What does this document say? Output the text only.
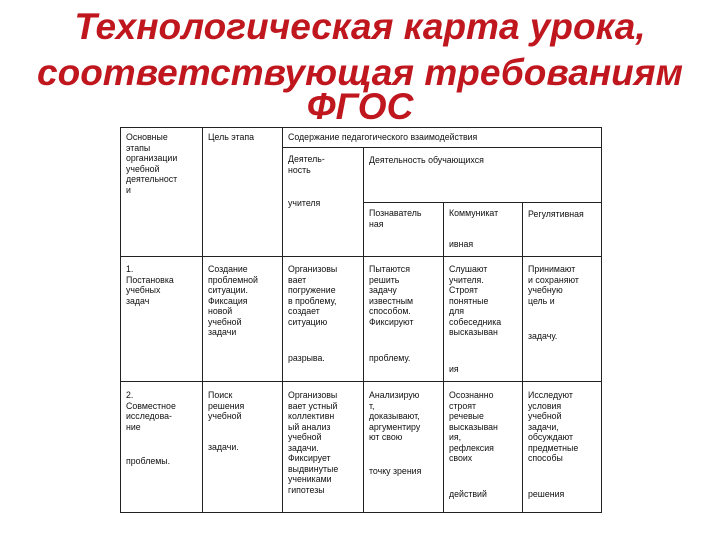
Технологическая карта урока,
соответствующая требованиям
ФГОС
Основные
этапы
организации
учебной
деятельност
и
Цель этапа	Содержание педагогического взаимодействия
Деятель-
ность
учителя
Деятельность обучающихся
Познаватель
ная
Коммуникат
ивная
Регулятивная
1.
Постановка
учебных
задач
Создание
проблемной
ситуации.
Фиксация
новой
учебной
задачи
Организовы
вает
погружение
в проблему,
создает
ситуацию
разрыва.
Пытаются
решить
задачу
известным
способом.
Фиксируют
проблему.
Слушают
учителя.
Строят
понятные
для
собеседника
высказыван
ия
Принимают
и сохраняют
учебную
цель и
задачу.
2.
Совместное
исследова-
ние
проблемы.
Поиск
решения
учебной
задачи.
Организовы
вает устный
коллективн
ый анализ
учебной
задачи.
Фиксирует
выдвинутые
учениками
гипотезы
Анализирую
т,
доказывают,
аргументиру
ют свою
точку зрения
Осознанно
строят
речевые
высказыван
ия,
рефлексия
своих
действий
Исследуют
условия
учебной
задачи,
обсуждают
предметные
способы
решения
